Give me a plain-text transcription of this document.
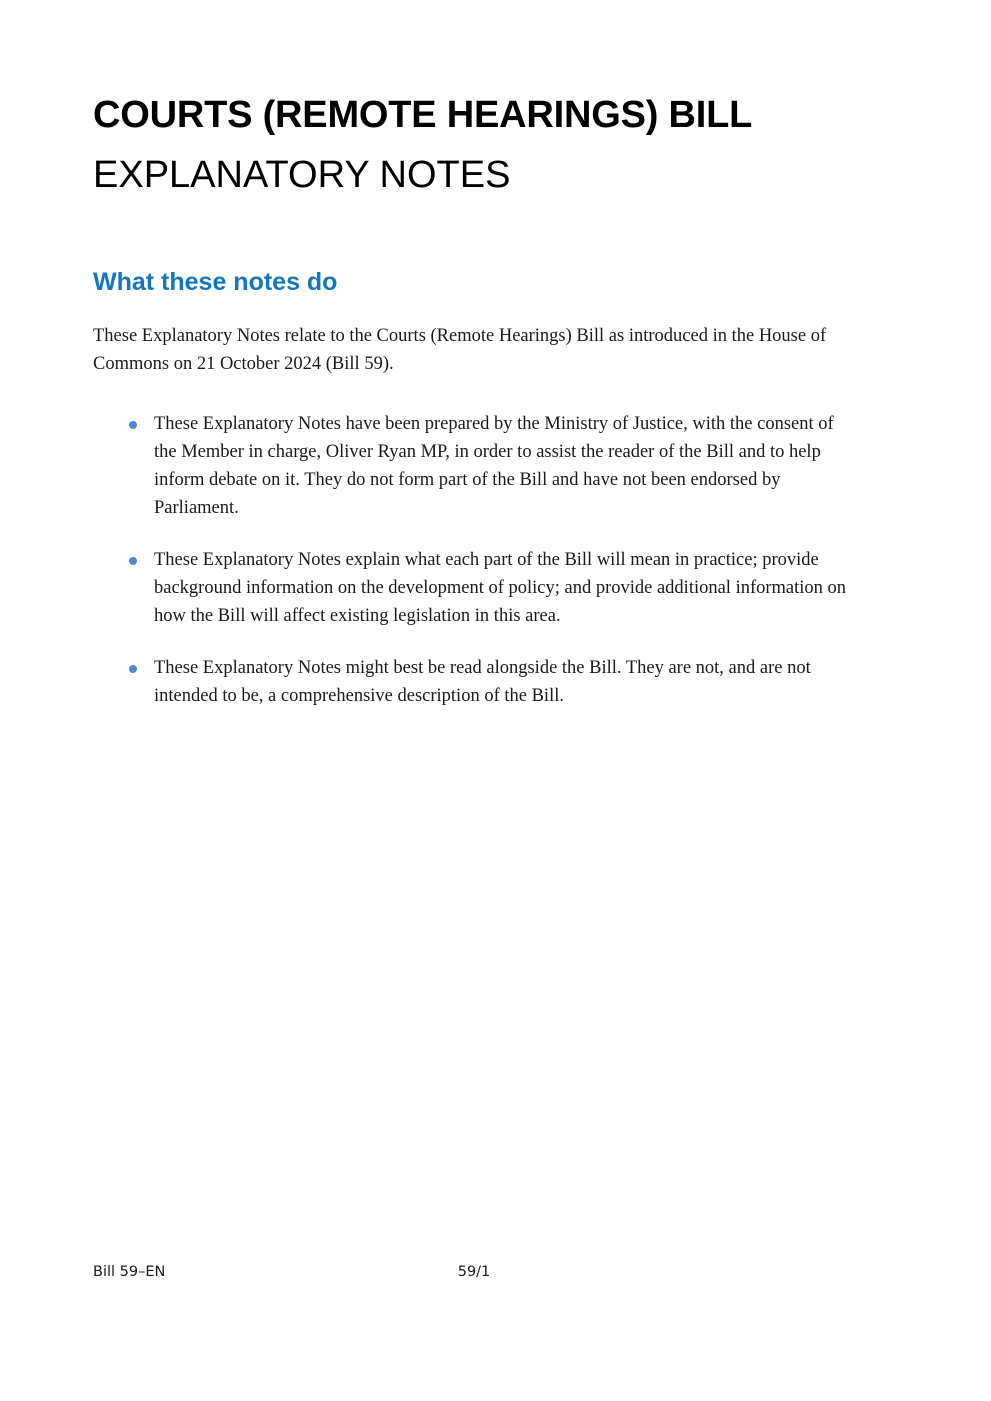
COURTS (REMOTE HEARINGS) BILL
EXPLANATORY NOTES
What these notes do

These Explanatory Notes relate to the Courts (Remote Hearings) Bill as introduced in the House of Commons on 21 October 2024 (Bill 59).

These Explanatory Notes have been prepared by the Ministry of Justice, with the consent of the Member in charge, Oliver Ryan MP, in order to assist the reader of the Bill and to help inform debate on it. They do not form part of the Bill and have not been endorsed by Parliament.
These Explanatory Notes explain what each part of the Bill will mean in practice; provide background information on the development of policy; and provide additional information on how the Bill will affect existing legislation in this area.
These Explanatory Notes might best be read alongside the Bill. They are not, and are not intended to be, a comprehensive description of the Bill.
Bill 59–EN	59/1
